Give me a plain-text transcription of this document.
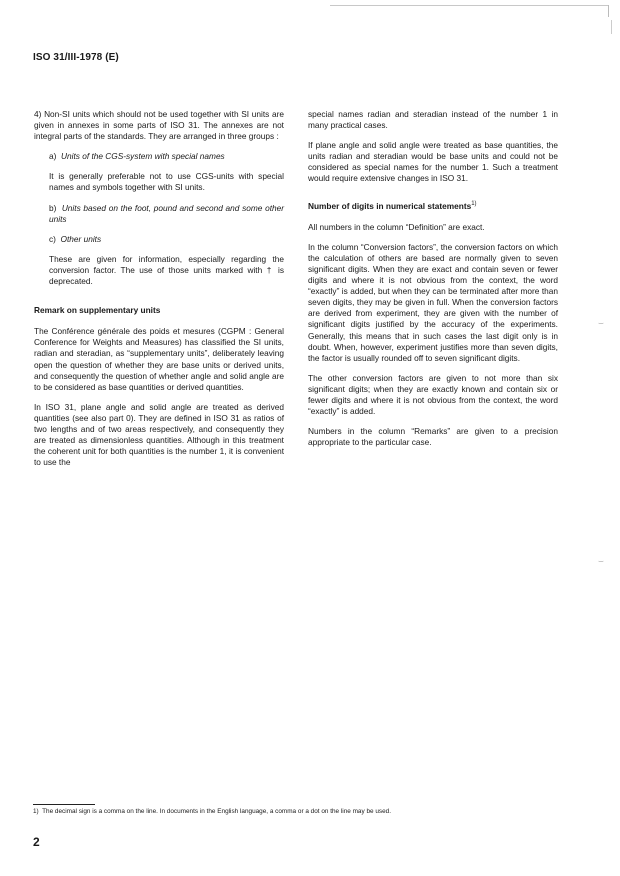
ISO 31/III-1978 (E)

4) Non-SI units which should not be used together with SI units are given in annexes in some parts of ISO 31. The annexes are not integral parts of the standards. They are arranged in three groups :

a) Units of the CGS-system with special names

It is generally preferable not to use CGS-units with special names and symbols together with SI units.

b) Units based on the foot, pound and second and some other units

c) Other units

These are given for information, especially regarding the conversion factor. The use of those units marked with † is deprecated.

Remark on supplementary units

The Conférence générale des poids et mesures (CGPM : General Conference for Weights and Measures) has classified the SI units, radian and steradian, as “supplementary units”, deliberately leaving open the question of whether they are base units or derived units, and consequently the question of whether angle and solid angle are to be considered as base quantities or derived quantities.

In ISO 31, plane angle and solid angle are treated as derived quantities (see also part 0). They are defined in ISO 31 as ratios of two lengths and of two areas respectively, and consequently they are treated as dimensionless quantities. Although in this treatment the coherent unit for both quantities is the number 1, it is convenient to use the

special names radian and steradian instead of the number 1 in many practical cases.

If plane angle and solid angle were treated as base quantities, the units radian and steradian would be base units and could not be considered as special names for the number 1. Such a treatment would require extensive changes in ISO 31.

Number of digits in numerical statements$^{1)}$

All numbers in the column “Definition” are exact.

In the column “Conversion factors”, the conversion factors on which the calculation of others are based are normally given to seven significant digits. When they are exact and contain seven or fewer digits and where it is not obvious from the context, the word “exactly” is added, but when they can be terminated after more than seven digits, they may be given in full. When the conversion factors are derived from experiment, they are given with the number of significant digits justified by the accuracy of the experiments. Generally, this means that in such cases the last digit only is in doubt. When, however, experiment justifies more than seven digits, the factor is usually rounded off to seven significant digits.

The other conversion factors are given to not more than six significant digits; when they are exactly known and contain six or fewer digits and where it is not obvious from the context, the word “exactly” is added.

Numbers in the column “Remarks” are given to a precision appropriate to the particular case.

⌣
⌣
1) The decimal sign is a comma on the line. In documents in the English language, a comma or a dot on the line may be used.
2
